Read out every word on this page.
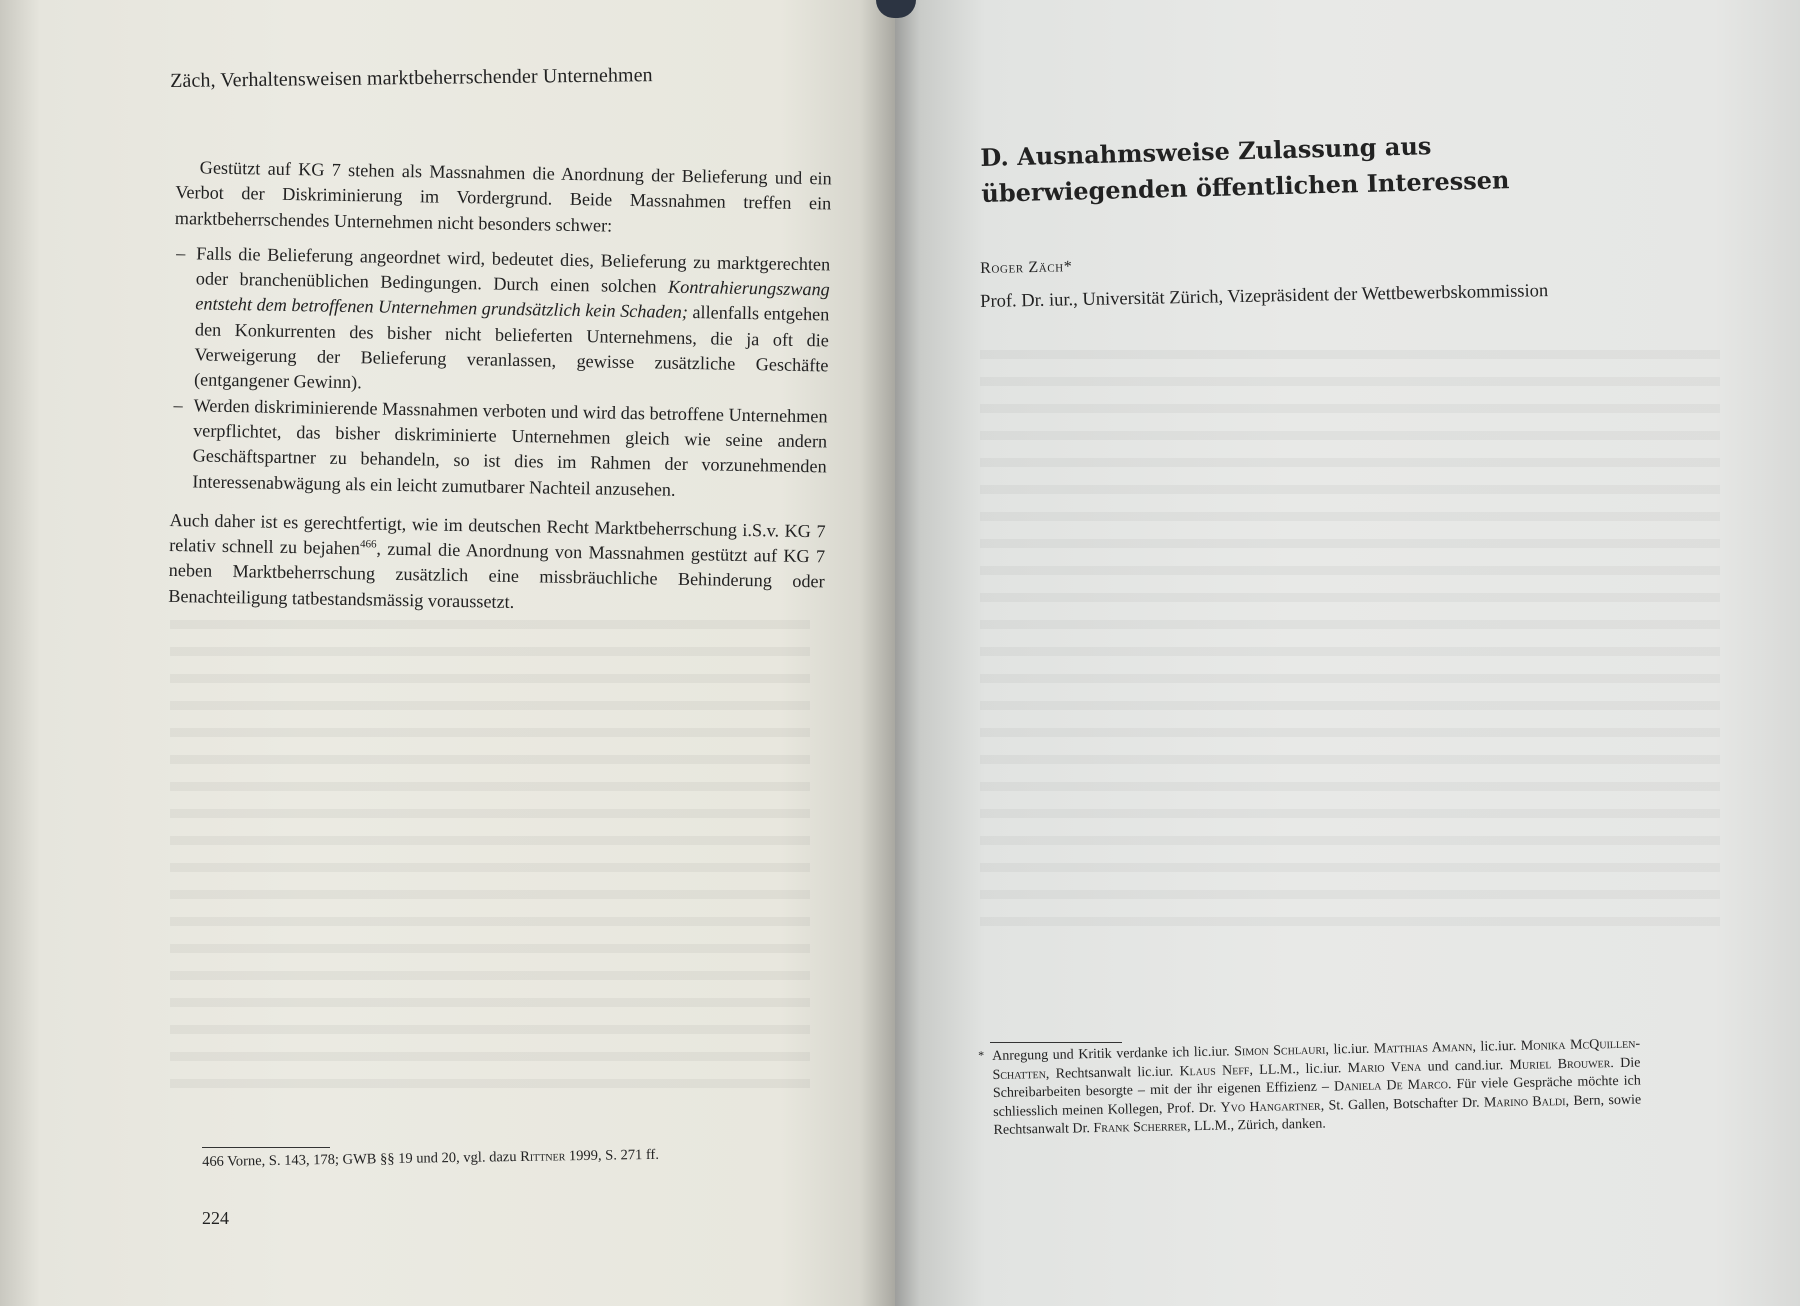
Zäch, Verhaltensweisen marktbeherrschender Unternehmen

Gestützt auf KG 7 stehen als Massnahmen die Anordnung der Belieferung und ein Verbot der Diskriminierung im Vordergrund. Beide Massnahmen treffen ein marktbeherrschendes Unternehmen nicht besonders schwer:

– Falls die Belieferung angeordnet wird, bedeutet dies, Belieferung zu marktgerechten oder branchenüblichen Bedingungen. Durch einen solchen Kontrahierungszwang entsteht dem betroffenen Unternehmen grundsätzlich kein Schaden; allenfalls entgehen den Konkurrenten des bisher nicht belieferten Unternehmens, die ja oft die Verweigerung der Belieferung veranlassen, gewisse zusätzliche Geschäfte (entgangener Gewinn).
– Werden diskriminierende Massnahmen verboten und wird das betroffene Unternehmen verpflichtet, das bisher diskriminierte Unternehmen gleich wie seine andern Geschäftspartner zu behandeln, so ist dies im Rahmen der vorzunehmenden Interessenabwägung als ein leicht zumutbarer Nachteil anzusehen.

Auch daher ist es gerechtfertigt, wie im deutschen Recht Marktbeherrschung i.S.v. KG 7 relativ schnell zu bejahen$^{466}$, zumal die Anordnung von Massnahmen gestützt auf KG 7 neben Marktbeherrschung zusätzlich eine missbräuchliche Behinderung oder Benachteiligung tatbestandsmässig voraussetzt.

466 Vorne, S. 143, 178; GWB §§ 19 und 20, vgl. dazu Rittner 1999, S. 271 ff.
224
D. Ausnahmsweise Zulassung aus überwiegenden öffentlichen Interessen
Roger Zäch*
Prof. Dr. iur., Universität Zürich, Vizepräsident der Wettbewerbskommission
* Anregung und Kritik verdanke ich lic.iur. Simon Schlauri, lic.iur. Matthias Amann, lic.iur. Monika McQuillen-Schatten, Rechtsanwalt lic.iur. Klaus Neff, LL.M., lic.iur. Mario Vena und cand.iur. Muriel Brouwer. Die Schreibarbeiten besorgte – mit der ihr eigenen Effizienz – Daniela De Marco. Für viele Gespräche möchte ich schliesslich meinen Kollegen, Prof. Dr. Yvo Hangartner, St. Gallen, Botschafter Dr. Marino Baldi, Bern, sowie Rechtsanwalt Dr. Frank Scherrer, LL.M., Zürich, danken.
